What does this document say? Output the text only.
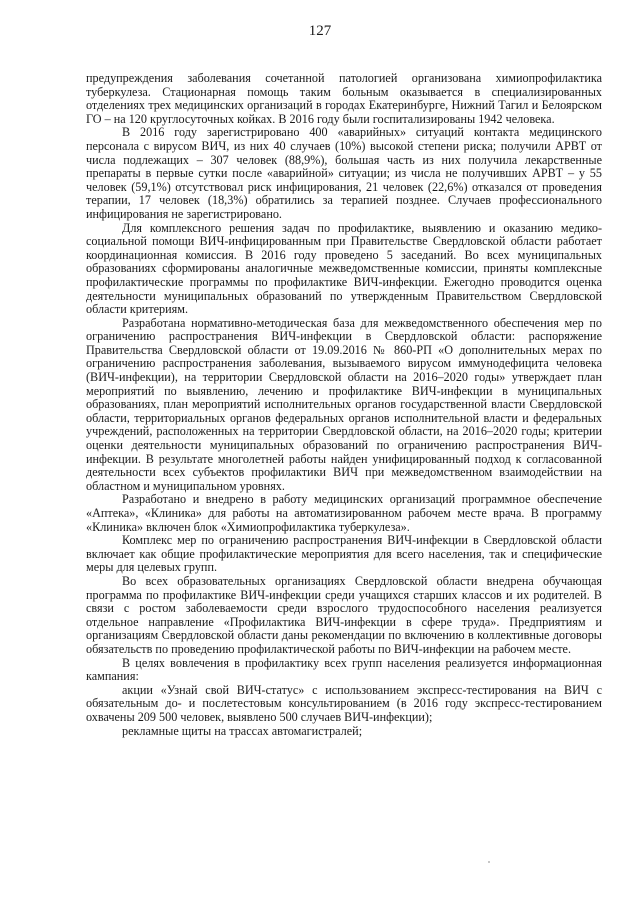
127

предупреждения заболевания сочетанной патологией организована химиопрофилактика туберкулеза. Стационарная помощь таким больным оказывается в специализированных отделениях трех медицинских организаций в городах Екатеринбурге, Нижний Тагил и Белоярском ГО – на 120 круглосуточных койках. В 2016 году были госпитализированы 1942 человека.

В 2016 году зарегистрировано 400 «аварийных» ситуаций контакта медицинского персонала с вирусом ВИЧ, из них 40 случаев (10%) высокой степени риска; получили АРВТ от числа подлежащих – 307 человек (88,9%), большая часть из них получила лекарственные препараты в первые сутки после «аварийной» ситуации; из числа не получивших АРВТ – у 55 человек (59,1%) отсутствовал риск инфицирования, 21 человек (22,6%) отказался от проведения терапии, 17 человек (18,3%) обратились за терапией позднее. Случаев профессионального инфицирования не зарегистрировано.

Для комплексного решения задач по профилактике, выявлению и оказанию медико-социальной помощи ВИЧ-инфицированным при Правительстве Свердловской области работает координационная комиссия. В 2016 году проведено 5 заседаний. Во всех муниципальных образованиях сформированы аналогичные межведомственные комиссии, приняты комплексные профилактические программы по профилактике ВИЧ-инфекции. Ежегодно проводится оценка деятельности муниципальных образований по утвержденным Правительством Свердловской области критериям.

Разработана нормативно-методическая база для межведомственного обеспечения мер по ограничению распространения ВИЧ-инфекции в Свердловской области: распоряжение Правительства Свердловской области от 19.09.2016 № 860-РП «О дополнительных мерах по ограничению распространения заболевания, вызываемого вирусом иммунодефицита человека (ВИЧ-инфекции), на территории Свердловской области на 2016–2020 годы» утверждает план мероприятий по выявлению, лечению и профилактике ВИЧ-инфекции в муниципальных образованиях, план мероприятий исполнительных органов государственной власти Свердловской области, территориальных органов федеральных органов исполнительной власти и федеральных учреждений, расположенных на территории Свердловской области, на 2016–2020 годы; критерии оценки деятельности муниципальных образований по ограничению распространения ВИЧ-инфекции. В результате многолетней работы найден унифицированный подход к согласованной деятельности всех субъектов профилактики ВИЧ при межведомственном взаимодействии на областном и муниципальном уровнях.

Разработано и внедрено в работу медицинских организаций программное обеспечение «Аптека», «Клиника» для работы на автоматизированном рабочем месте врача. В программу «Клиника» включен блок «Химиопрофилактика туберкулеза».

Комплекс мер по ограничению распространения ВИЧ-инфекции в Свердловской области включает как общие профилактические мероприятия для всего населения, так и специфические меры для целевых групп.

Во всех образовательных организациях Свердловской области внедрена обучающая программа по профилактике ВИЧ-инфекции среди учащихся старших классов и их родителей. В связи с ростом заболеваемости среди взрослого трудоспособного населения реализуется отдельное направление «Профилактика ВИЧ-инфекции в сфере труда». Предприятиям и организациям Свердловской области даны рекомендации по включению в коллективные договоры обязательств по проведению профилактической работы по ВИЧ-инфекции на рабочем месте.

В целях вовлечения в профилактику всех групп населения реализуется информационная кампания:

акции «Узнай свой ВИЧ-статус» с использованием экспресс-тестирования на ВИЧ с обязательным до- и послетестовым консультированием (в 2016 году экспресс-тестированием охвачены 209 500 человек, выявлено 500 случаев ВИЧ-инфекции);

рекламные щиты на трассах автомагистралей;
